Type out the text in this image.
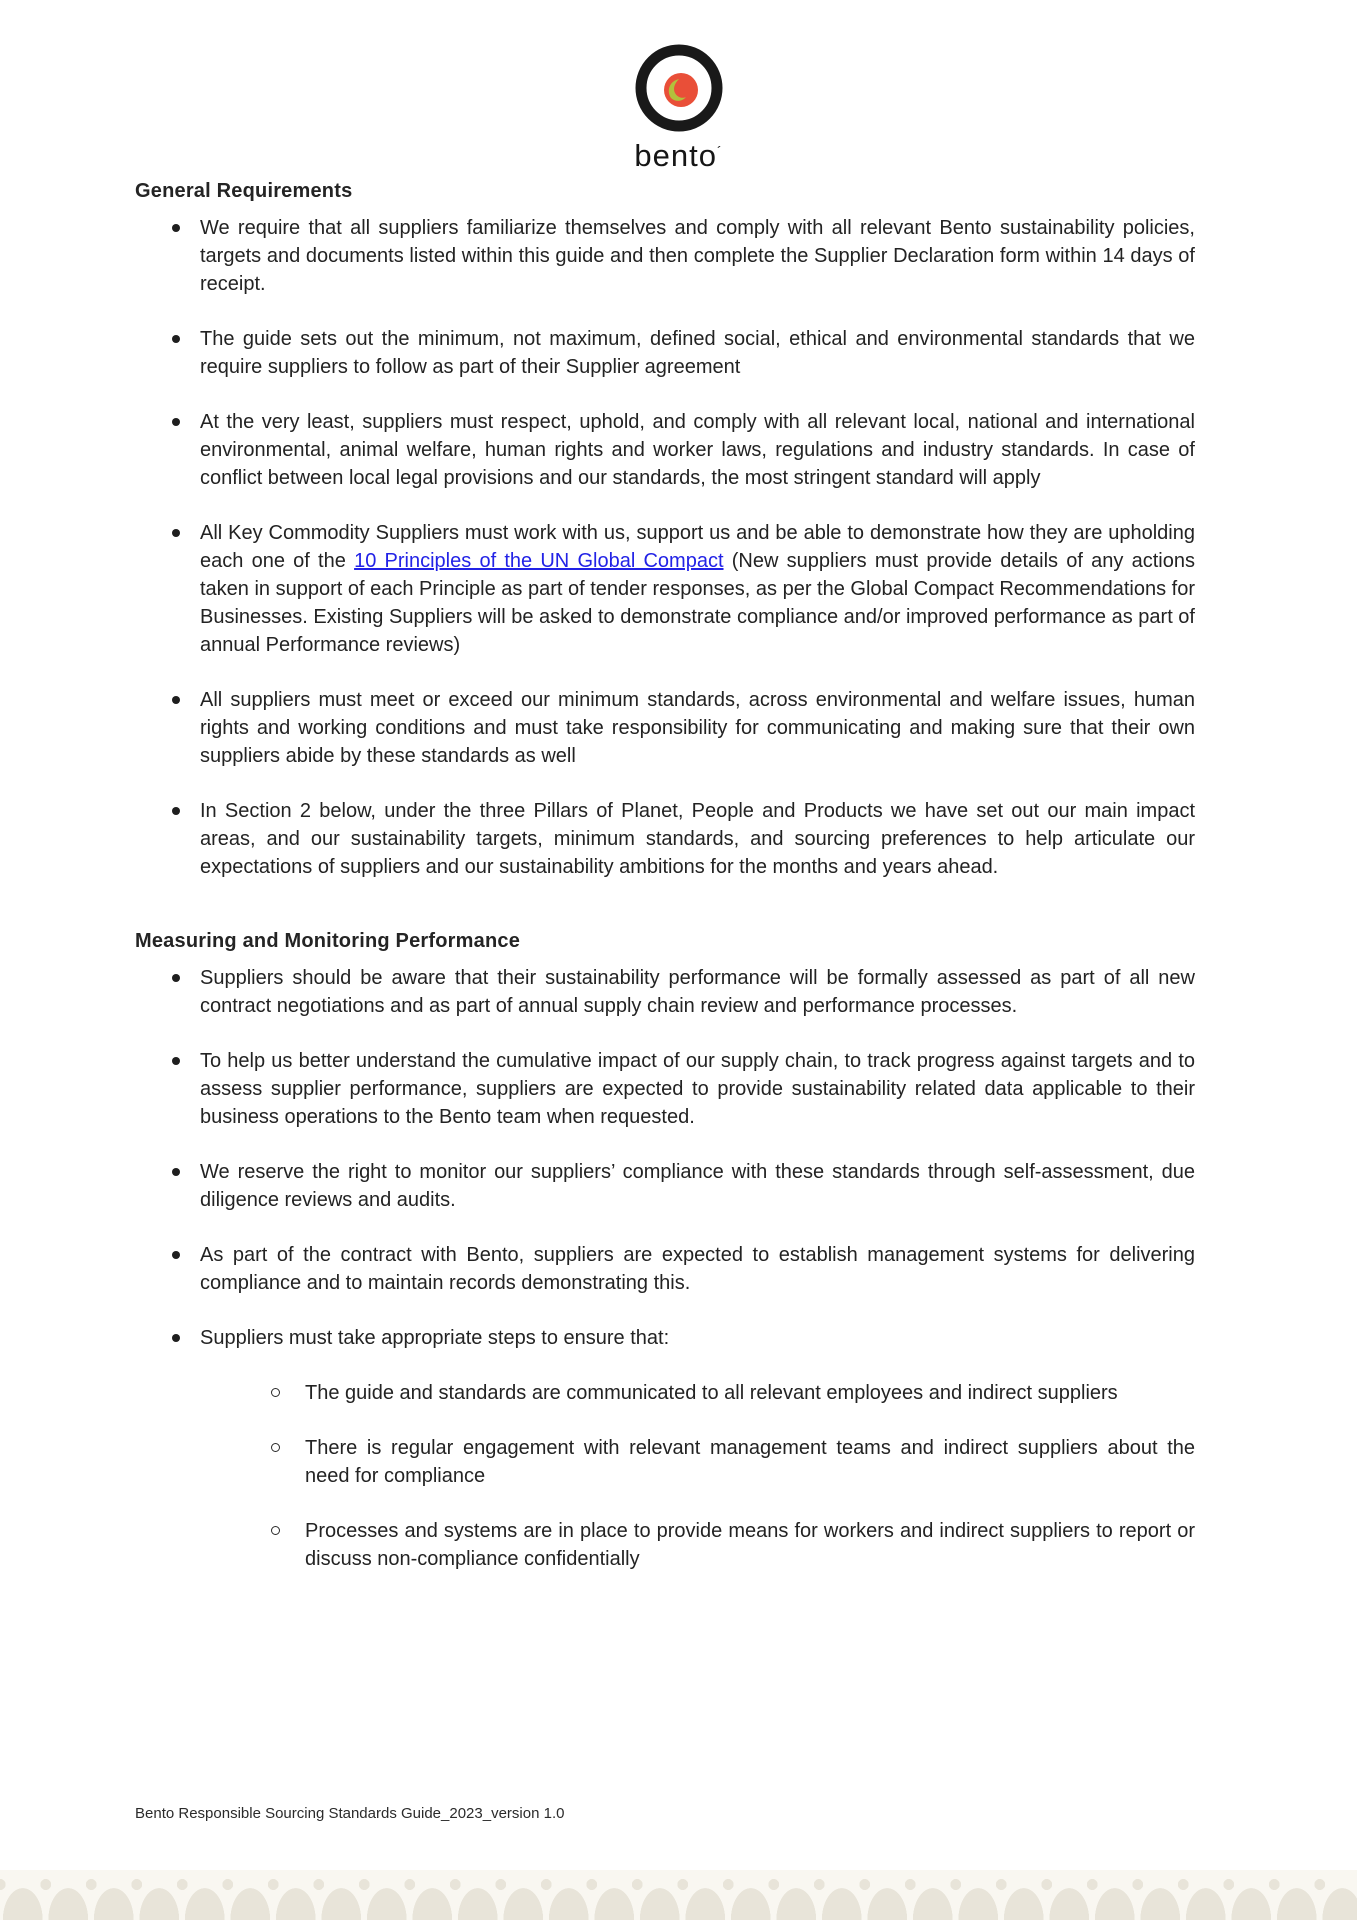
bento´
General Requirements
We require that all suppliers familiarize themselves and comply with all relevant Bento sustainability policies, targets and documents listed within this guide and then complete the Supplier Declaration form within 14 days of receipt.
The guide sets out the minimum, not maximum, defined social, ethical and environmental standards that we require suppliers to follow as part of their Supplier agreement
At the very least, suppliers must respect, uphold, and comply with all relevant local, national and international environmental, animal welfare, human rights and worker laws, regulations and industry standards. In case of conflict between local legal provisions and our standards, the most stringent standard will apply
All Key Commodity Suppliers must work with us, support us and be able to demonstrate how they are upholding each one of the 10 Principles of the UN Global Compact (New suppliers must provide details of any actions taken in support of each Principle as part of tender responses, as per the Global Compact Recommendations for Businesses. Existing Suppliers will be asked to demonstrate compliance and/or improved performance as part of annual Performance reviews)
All suppliers must meet or exceed our minimum standards, across environmental and welfare issues, human rights and working conditions and must take responsibility for communicating and making sure that their own suppliers abide by these standards as well
In Section 2 below, under the three Pillars of Planet, People and Products we have set out our main impact areas, and our sustainability targets, minimum standards, and sourcing preferences to help articulate our expectations of suppliers and our sustainability ambitions for the months and years ahead.
Measuring and Monitoring Performance
Suppliers should be aware that their sustainability performance will be formally assessed as part of all new contract negotiations and as part of annual supply chain review and performance processes.
To help us better understand the cumulative impact of our supply chain, to track progress against targets and to assess supplier performance, suppliers are expected to provide sustainability related data applicable to their business operations to the Bento team when requested.
We reserve the right to monitor our suppliers’ compliance with these standards through self-assessment, due diligence reviews and audits.
As part of the contract with Bento, suppliers are expected to establish management systems for delivering compliance and to maintain records demonstrating this.
Suppliers must take appropriate steps to ensure that:
The guide and standards are communicated to all relevant employees and indirect suppliers
There is regular engagement with relevant management teams and indirect suppliers about the need for compliance
Processes and systems are in place to provide means for workers and indirect suppliers to report or discuss non-compliance confidentially
Bento Responsible Sourcing Standards Guide_2023_version 1.0
